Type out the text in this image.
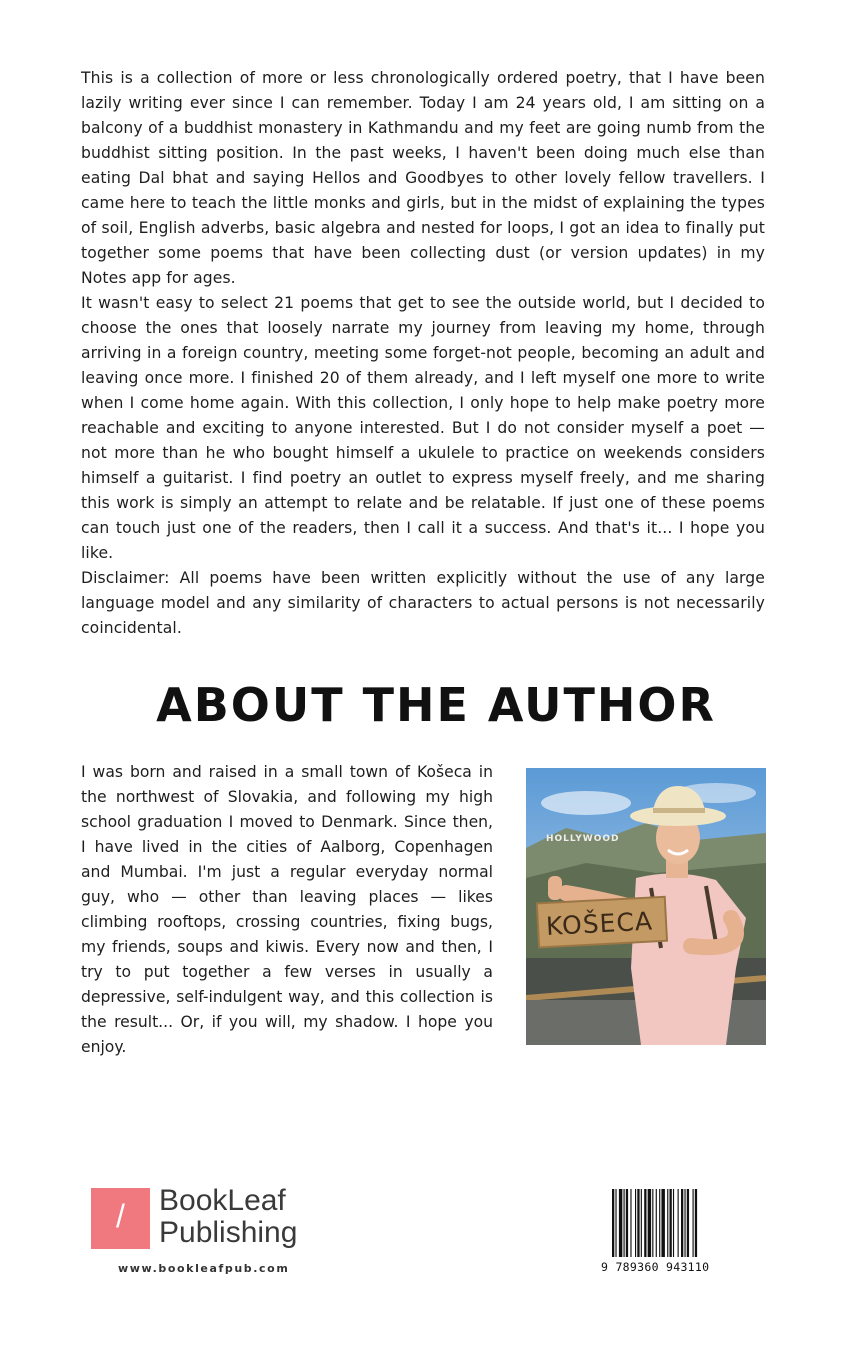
This is a collection of more or less chronologically ordered poetry, that I have been lazily writing ever since I can remember. Today I am 24 years old, I am sitting on a balcony of a buddhist monastery in Kathmandu and my feet are going numb from the buddhist sitting position. In the past weeks, I haven't been doing much else than eating Dal bhat and saying Hellos and Goodbyes to other lovely fellow travellers. I came here to teach the little monks and girls, but in the midst of explaining the types of soil, English adverbs, basic algebra and nested for loops, I got an idea to finally put together some poems that have been collecting dust (or version updates) in my Notes app for ages.

It wasn't easy to select 21 poems that get to see the outside world, but I decided to choose the ones that loosely narrate my journey from leaving my home, through arriving in a foreign country, meeting some forget-not people, becoming an adult and leaving once more. I finished 20 of them already, and I left myself one more to write when I come home again. With this collection, I only hope to help make poetry more reachable and exciting to anyone interested. But I do not consider myself a poet — not more than he who bought himself a ukulele to practice on weekends considers himself a guitarist. I find poetry an outlet to express myself freely, and me sharing this work is simply an attempt to relate and be relatable. If just one of these poems can touch just one of the readers, then I call it a success. And that's it... I hope you like.

Disclaimer: All poems have been written explicitly without the use of any large language model and any similarity of characters to actual persons is not necessarily coincidental.

ABOUT THE AUTHOR

I was born and raised in a small town of Košeca in the northwest of Slovakia, and following my high school graduation I moved to Denmark. Since then, I have lived in the cities of Aalborg, Copenhagen and Mumbai. I'm just a regular everyday normal guy, who — other than leaving places — likes climbing rooftops, crossing countries, fixing bugs, my friends, soups and kiwis. Every now and then, I try to put together a few verses in usually a depressive, self-indulgent way, and this collection is the result... Or, if you will, my shadow. I hope you enjoy.

HOLLYWOOD
KOŠECA
/	BookLeaf
Publishing
www.bookleafpub.com	9 789360 943110
